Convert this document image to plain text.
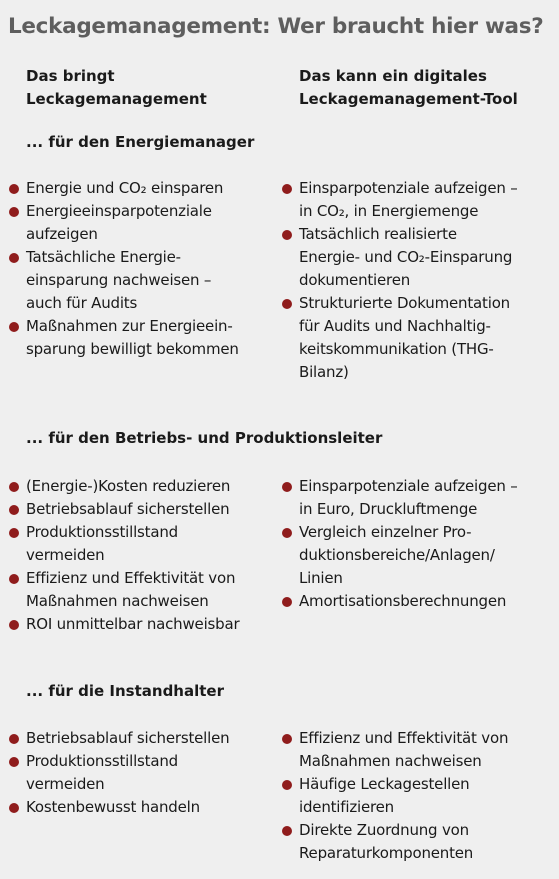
Leckagemanagement: Wer braucht hier was?
Das bringt
Leckagemanagement
Das kann ein digitales
Leckagemanagement-Tool
... für den Energiemanager
Energie und CO₂ einsparen
Energieeinsparpotenziale
aufzeigen
Tatsächliche Energie-
einsparung nachweisen –
auch für Audits
Maßnahmen zur Energieein-
sparung bewilligt bekommen
Einsparpotenziale aufzeigen –
in CO₂, in Energiemenge
Tatsächlich realisierte
Energie- und CO₂-Einsparung
dokumentieren
Strukturierte Dokumentation
für Audits und Nachhaltig-
keitskommunikation (THG-
Bilanz)
... für den Betriebs- und Produktionsleiter
(Energie-)Kosten reduzieren
Betriebsablauf sicherstellen
Produktionsstillstand
vermeiden
Effizienz und Effektivität von
Maßnahmen nachweisen
ROI unmittelbar nachweisbar
Einsparpotenziale aufzeigen –
in Euro, Druckluftmenge
Vergleich einzelner Pro-
duktionsbereiche/Anlagen/
Linien
Amortisationsberechnungen
... für die Instandhalter
Betriebsablauf sicherstellen
Produktionsstillstand
vermeiden
Kostenbewusst handeln
Effizienz und Effektivität von
Maßnahmen nachweisen
Häufige Leckagestellen
identifizieren
Direkte Zuordnung von
Reparaturkomponenten
